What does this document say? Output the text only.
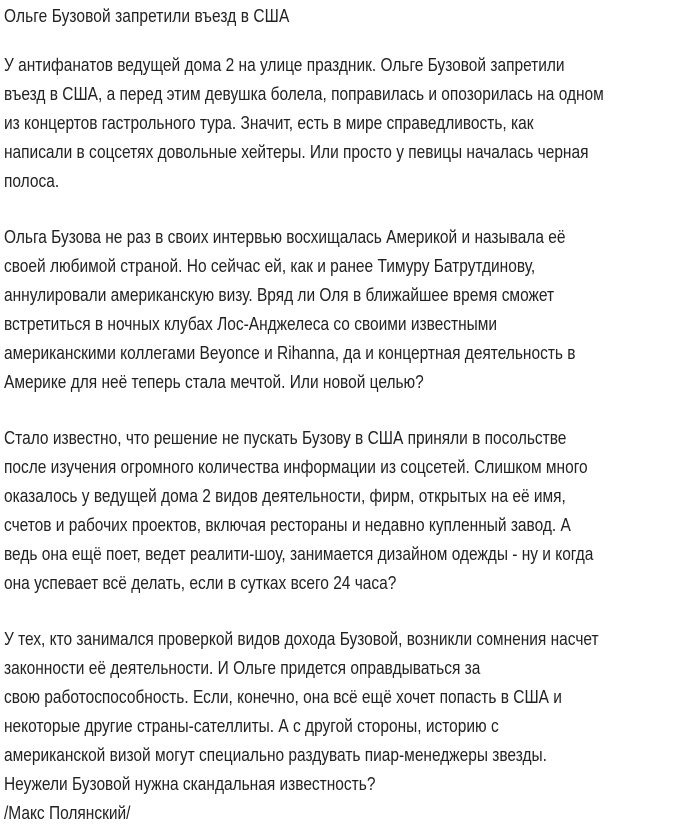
Ольге Бузовой запретили въезд в США

У антифанатов ведущей дома 2 на улице праздник. Ольге Бузовой запретили
въезд в США, а перед этим девушка болела, поправилась и опозорилась на одном
из концертов гастрольного тура. Значит, есть в мире справедливость, как
написали в соцсетях довольные хейтеры. Или просто у певицы началась черная
полоса.

Ольга Бузова не раз в своих интервью восхищалась Америкой и называла её
своей любимой страной. Но сейчас ей, как и ранее Тимуру Батрутдинову,
аннулировали американскую визу. Вряд ли Оля в ближайшее время сможет
встретиться в ночных клубах Лос-Анджелеса со своими известными
американскими коллегами Beyonce и Rihanna, да и концертная деятельность в
Америке для неё теперь стала мечтой. Или новой целью?

Стало известно, что решение не пускать Бузову в США приняли в посольстве
после изучения огромного количества информации из соцсетей. Слишком много
оказалось у ведущей дома 2 видов деятельности, фирм, открытых на её имя,
счетов и рабочих проектов, включая рестораны и недавно купленный завод. А
ведь она ещё поет, ведет реалити-шоу, занимается дизайном одежды - ну и когда
она успевает всё делать, если в сутках всего 24 часа?

У тех, кто занимался проверкой видов дохода Бузовой, возникли сомнения насчет
законности её деятельности. И Ольге придется оправдываться за
свою работоспособность. Если, конечно, она всё ещё хочет попасть в США и
некоторые другие страны-сателлиты. А с другой стороны, историю с
американской визой могут специально раздувать пиар-менеджеры звезды.
Неужели Бузовой нужна скандальная известность?
/Макс Полянский/
